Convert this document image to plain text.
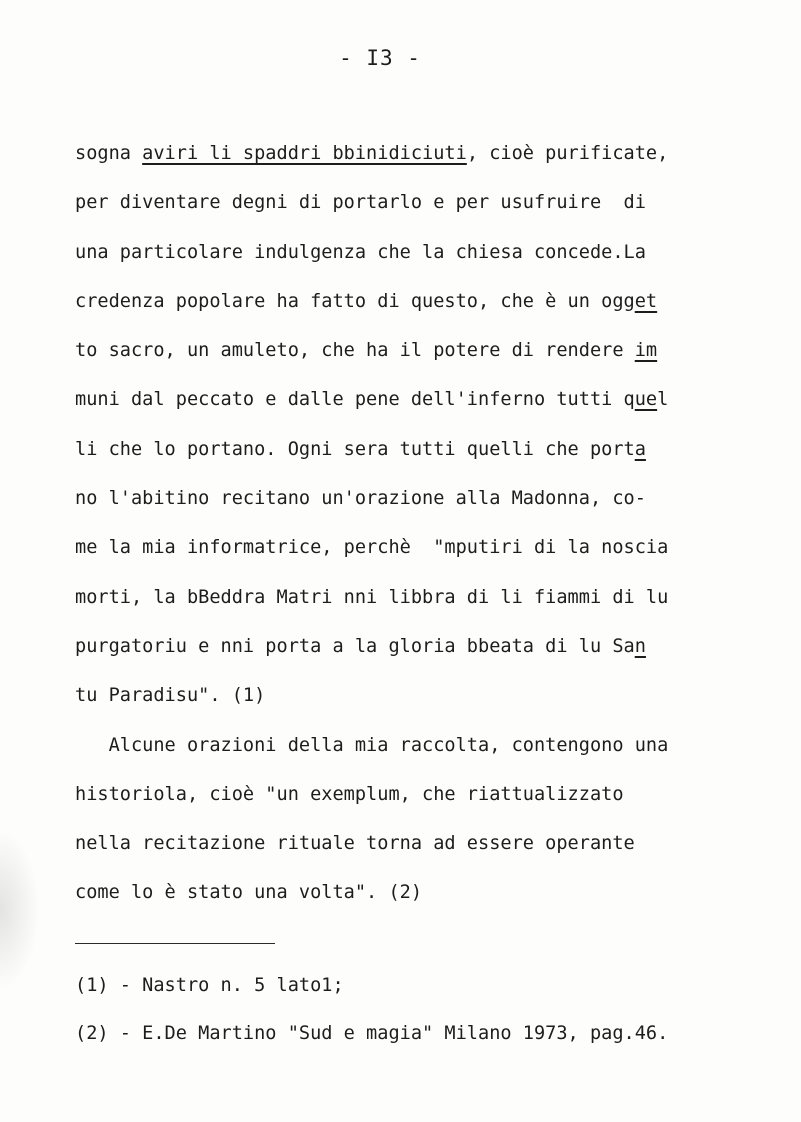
- I3 -
sogna aviri li spaddri bbinidiciuti, cioè purificate,
per diventare degni di portarlo e per usufruire  di
una particolare indulgenza che la chiesa concede.La
credenza popolare ha fatto di questo, che è un ogget
to sacro, un amuleto, che ha il potere di rendere im
muni dal peccato e dalle pene dell'inferno tutti quel
li che lo portano. Ogni sera tutti quelli che porta
no l'abitino recitano un'orazione alla Madonna, co-
me la mia informatrice, perchè  "mputiri di la noscia
morti, la bBeddra Matri nni libbra di li fiammi di lu
purgatoriu e nni porta a la gloria bbeata di lu San
tu Paradisu". (1)
Alcune orazioni della mia raccolta, contengono una
historiola, cioè "un exemplum, che riattualizzato
nella recitazione rituale torna ad essere operante
come lo è stato una volta". (2)
(1) - Nastro n. 5 lato1;
(2) - E.De Martino "Sud e magia" Milano 1973, pag.46.
